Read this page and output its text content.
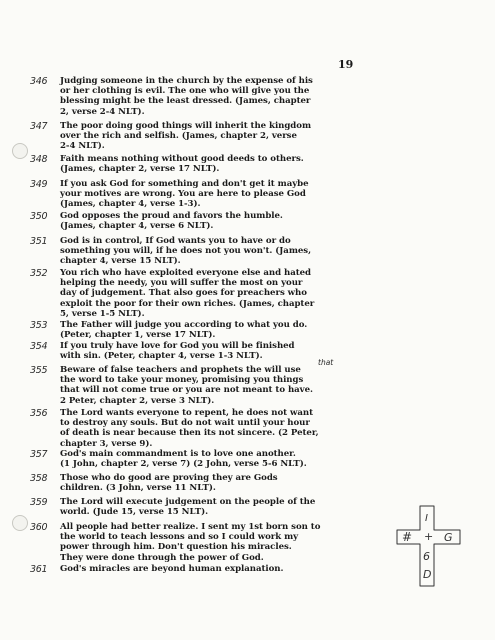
19
346 Judging someone in the church by the expense of his
or her clothing is evil. The one who will give you the
blessing might be the least dressed. (James, chapter
2, verse 2-4 NLT).
347 The poor doing good things will inherit the kingdom
over the rich and selfish. (James, chapter 2, verse
2-4 NLT).
348 Faith means nothing without good deeds to others.
(James, chapter 2, verse 17 NLT).
349 If you ask God for something and don't get it maybe
your motives are wrong. You are here to please God
(James, chapter 4, verse 1-3).
350 God opposes the proud and favors the humble.
(James, chapter 4, verse 6 NLT).
351 God is in control, If God wants you to have or do
something you will, if he does not you won't. (James,
chapter 4, verse 15 NLT).
352 You rich who have exploited everyone else and hated
helping the needy, you will suffer the most on your
day of judgement. That also goes for preachers who
exploit the poor for their own riches. (James, chapter
5, verse 1-5 NLT).
353 The Father will judge you according to what you do.
(Peter, chapter 1, verse 17 NLT).
354 If you truly have love for God you will be finished
with sin. (Peter, chapter 4, verse 1-3 NLT).
355
that
Beware of false teachers and prophets the will use
the word to take your money, promising you things
that will not come true or you are not meant to have.
2 Peter, chapter 2, verse 3 NLT).
356 The Lord wants everyone to repent, he does not want
to destroy any souls. But do not wait until your hour
of death is near because then its not sincere. (2 Peter,
chapter 3, verse 9).
357 God's main commandment is to love one another.
(1 John, chapter 2, verse 7) (2 John, verse 5-6 NLT).
358 Those who do good are proving they are Gods
children. (3 John, verse 11 NLT).
359 The Lord will execute judgement on the people of the
world. (Jude 15, verse 15 NLT).
360 All people had better realize. I sent my 1st born son to
the world to teach lessons and so I could work my
power through him. Don't question his miracles.
They were done through the power of God.
361 God's miracles are beyond human explanation.
I
# + G
6
D
